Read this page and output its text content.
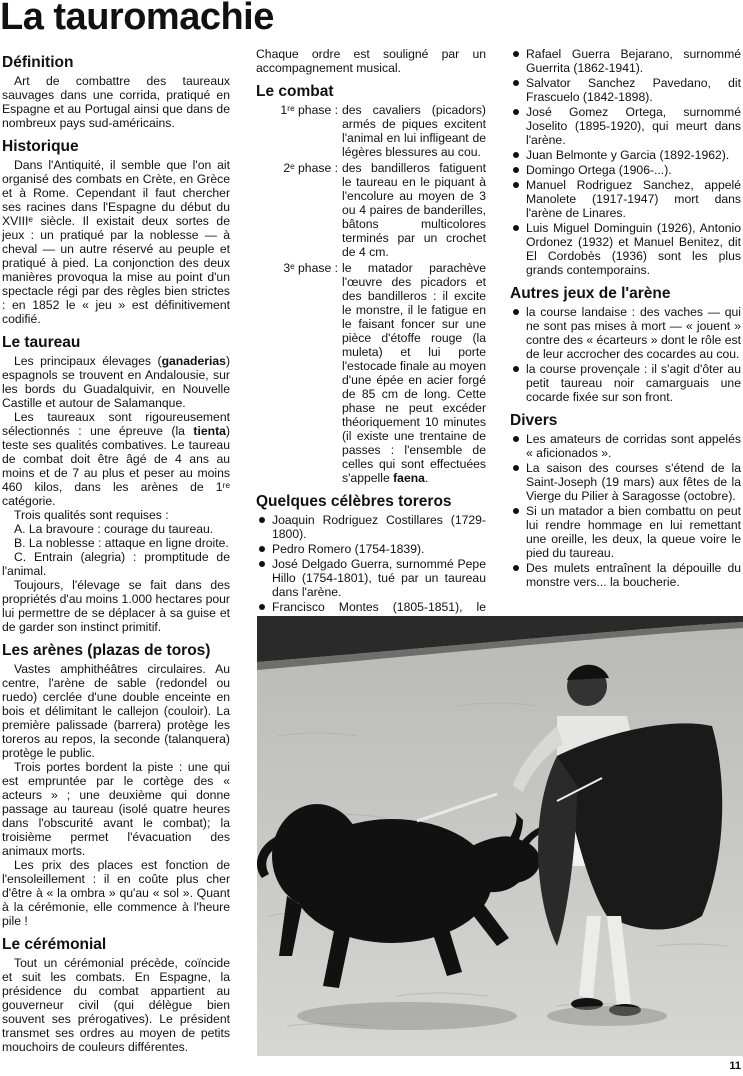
La tauromachie
Définition

Art de combattre des taureaux sauvages dans une corrida, pratiqué en Espagne et au Portugal ainsi que dans de nombreux pays sud-américains.

Historique

Dans l'Antiquité, il semble que l'on ait organisé des combats en Crète, en Grèce et à Rome. Cependant il faut chercher ses racines dans l'Espagne du début du XVIIIᵉ siècle. Il existait deux sortes de jeux : un pratiqué par la noblesse — à cheval — un autre réservé au peuple et pratiqué à pied. La conjonction des deux manières provoqua la mise au point d'un spectacle régi par des règles bien strictes : en 1852 le « jeu » est définitivement codifié.

Le taureau

Les principaux élevages (ganaderias) espagnols se trouvent en Andalousie, sur les bords du Guadalquivir, en Nouvelle Castille et autour de Salamanque.

Les taureaux sont rigoureusement sélectionnés : une épreuve (la tienta) teste ses qualités combatives. Le taureau de combat doit être âgé de 4 ans au moins et de 7 au plus et peser au moins 460 kilos, dans les arènes de 1ʳᵉ catégorie.

Trois qualités sont requises :

A. La bravoure : courage du taureau.

B. La noblesse : attaque en ligne droite.

C. Entrain (alegria) : promptitude de l'animal.

Toujours, l'élevage se fait dans des propriétés d'au moins 1.000 hectares pour lui permettre de se déplacer à sa guise et de garder son instinct primitif.

Les arènes (plazas de toros)

Vastes amphithéâtres circulaires. Au centre, l'arène de sable (redondel ou ruedo) cerclée d'une double enceinte en bois et délimitant le callejon (couloir). La première palissade (barrera) protège les toreros au repos, la seconde (talanquera) protège le public.

Trois portes bordent la piste : une qui est empruntée par le cortège des « acteurs » ; une deuxième qui donne passage au taureau (isolé quatre heures dans l'obscurité avant le combat); la troisième permet l'évacuation des animaux morts.

Les prix des places est fonction de l'ensoleillement : il en coûte plus cher d'être à « la ombra » qu'au « sol ». Quant à la cérémonie, elle commence à l'heure pile !

Le cérémonial

Tout un cérémonial précède, coïncide et suit les combats. En Espagne, la présidence du combat appartient au gouverneur civil (qui délègue bien souvent ses prérogatives). Le président transmet ses ordres au moyen de petits mouchoirs de couleurs différentes.

Chaque ordre est souligné par un accompagnement musical.

Le combat
1ʳᵉ phase : des cavaliers (picadors) armés de piques excitent l'animal en lui infligeant de légères blessures au cou.
2ᵉ phase : des bandilleros fatiguent le taureau en le piquant à l'encolure au moyen de 3 ou 4 paires de banderilles, bâtons multicolores terminés par un crochet de 4 cm.
3ᵉ phase : le matador parachève l'œuvre des picadors et des bandilleros : il excite le monstre, il le fatigue en le faisant foncer sur une pièce d'étoffe rouge (la muleta) et lui porte l'estocade finale au moyen d'une épée en acier forgé de 85 cm de long. Cette phase ne peut excéder théoriquement 10 minutes (il existe une trentaine de passes : l'ensemble de celles qui sont effectuées s'appelle faena.
Quelques célèbres toreros
Joaquin Rodriguez Costillares (1729-1800).
Pedro Romero (1754-1839).
José Delgado Guerra, surnommé Pepe Hillo (1754-1801), tué par un taureau dans l'arène.
Francisco Montes (1805-1851), le
Rafael Guerra Bejarano, surnommé Guerrita (1862-1941).
Salvator Sanchez Pavedano, dit Frascuelo (1842-1898).
José Gomez Ortega, surnommé Joselito (1895-1920), qui meurt dans l'arène.
Juan Belmonte y Garcia (1892-1962).
Domingo Ortega (1906-...).
Manuel Rodriguez Sanchez, appelé Manolete (1917-1947) mort dans l'arène de Linares.
Luis Miguel Dominguin (1926), Antonio Ordonez (1932) et Manuel Benitez, dit El Cordobès (1936) sont les plus grands contemporains.
Autres jeux de l'arène
la course landaise : des vaches — qui ne sont pas mises à mort — « jouent » contre des « écarteurs » dont le rôle est de leur accrocher des cocardes au cou.
la course provençale : il s'agit d'ôter au petit taureau noir camarguais une cocarde fixée sur son front.
Divers
Les amateurs de corridas sont appelés « aficionados ».
La saison des courses s'étend de la Saint-Joseph (19 mars) aux fêtes de la Vierge du Pilier à Saragosse (octobre).
Si un matador a bien combattu on peut lui rendre hommage en lui remettant une oreille, les deux, la queue voire le pied du taureau.
Des mulets entraînent la dépouille du monstre vers... la boucherie.
11
